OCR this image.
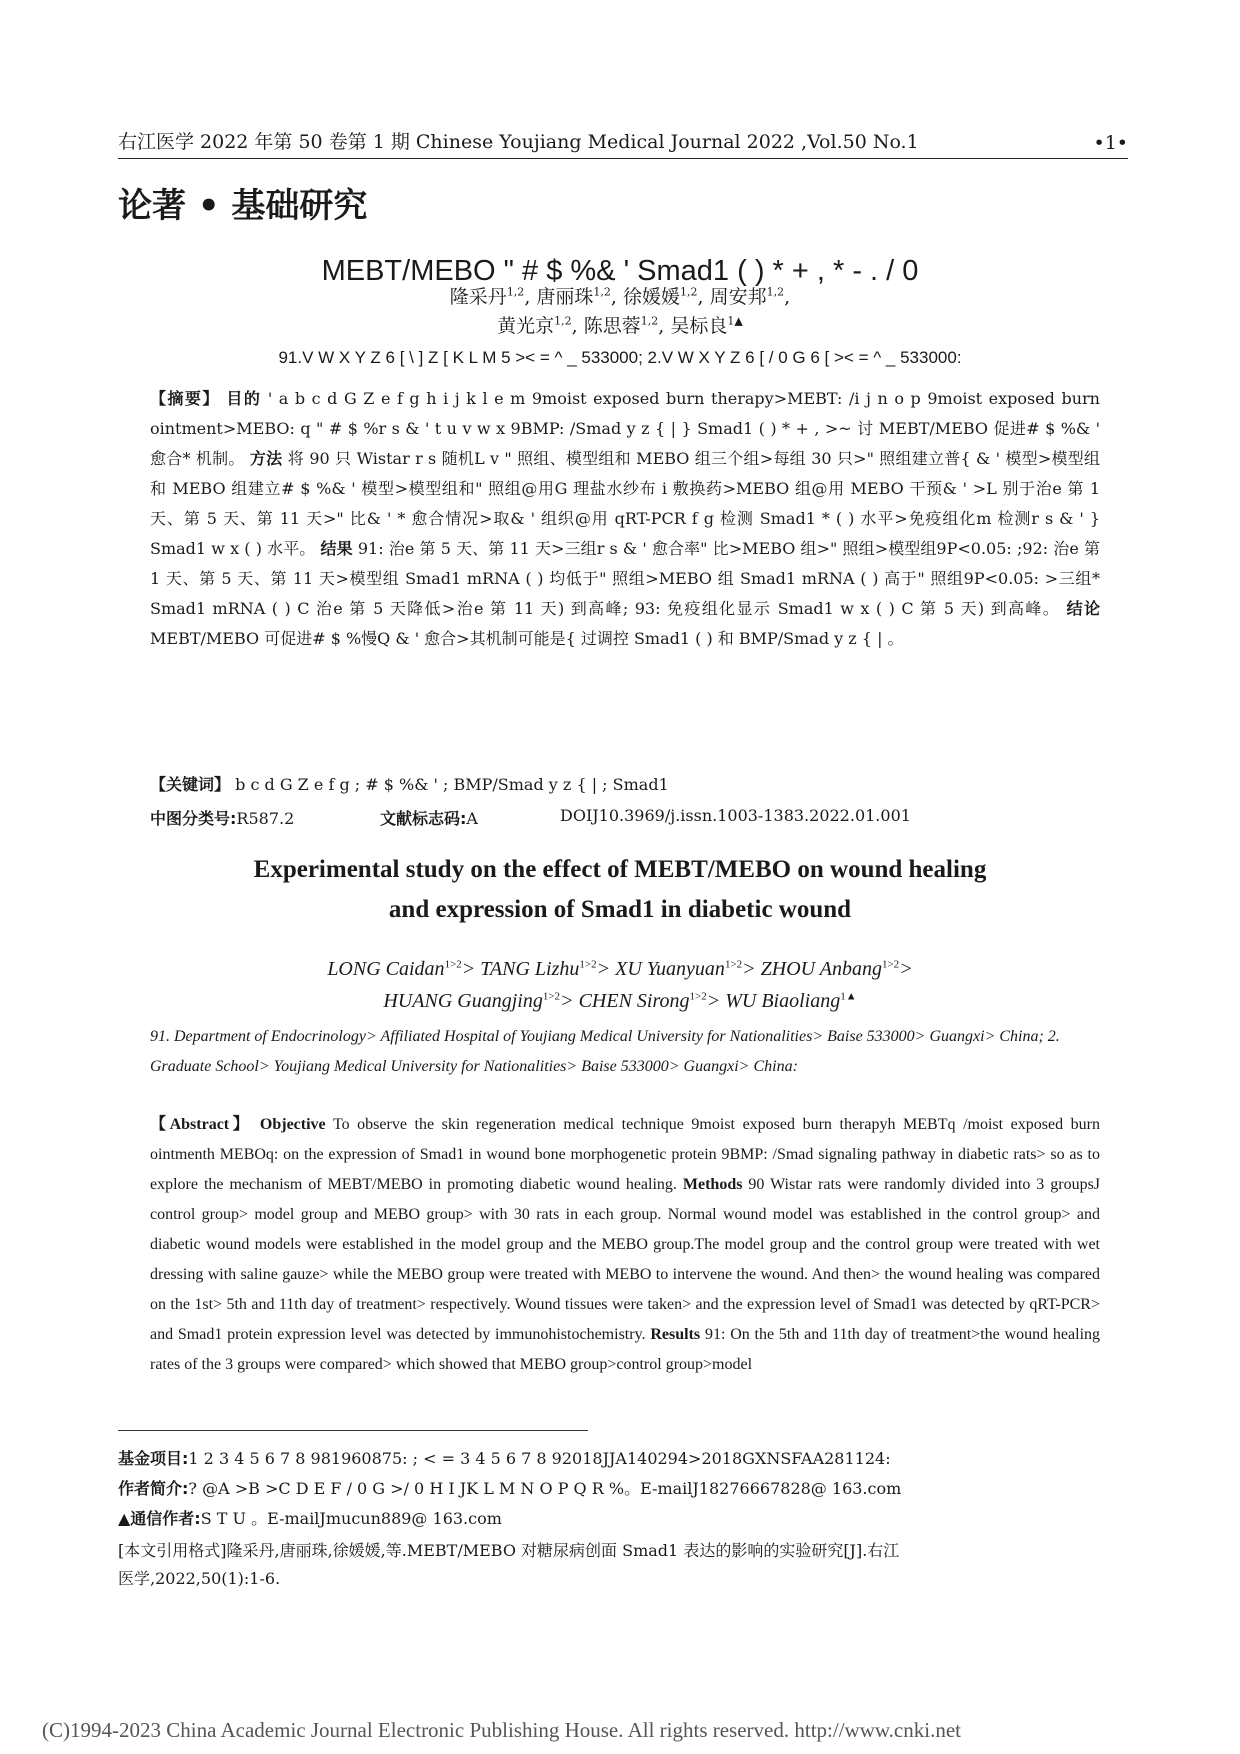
右江医学 2022 年第 50 卷第 1 期 Chinese Youjiang Medical Journal 2022 ,Vol.50 No.1	•1•
论著 • 基础研究
MEBT/MEBO " # $ %& ' Smad1 ( ) * + , * - . / 0
隆采丹$^{1,2}$, 唐丽珠$^{1,2}$, 徐媛媛$^{1,2}$, 周安邦$^{1,2}$,
黄光京$^{1,2}$, 陈思蓉$^{1,2}$, 吴标良$^{1▲}$
91.V W X Y Z 6 [ \ ] Z [ K L M 5 >< = ^ _ 533000; 2.V W X Y Z 6 [ / 0 G 6 [ >< = ^ _ 533000:
【摘要】 目的 ' a b c d G Z e f g h i j k l e m 9moist exposed burn therapy>MEBT: /i j n o p 9moist exposed burn ointment>MEBO: q " # $ %r s & ' t u v w x 9BMP: /Smad y z { | } Smad1 ( ) * + , >~ 讨 MEBT/MEBO 促进# $ %& ' 愈合* 机制。 方法 将 90 只 Wistar r s 随机L v " 照组、模型组和 MEBO 组三个组>每组 30 只>" 照组建立普{ & ' 模型>模型组和 MEBO 组建立# $ %& ' 模型>模型组和" 照组@用G 理盐水纱布 i 敷换药>MEBO 组@用 MEBO 干预& ' >L 别于治e 第 1 天、第 5 天、第 11 天>" 比& ' * 愈合情况>取& ' 组织@用 qRT-PCR f g 检测 Smad1 * ( ) 水平>免疫组化m 检测r s & ' } Smad1 w x ( ) 水平。 结果 91: 治e 第 5 天、第 11 天>三组r s & ' 愈合率" 比>MEBO 组>" 照组>模型组9P<0.05: ;92: 治e 第 1 天、第 5 天、第 11 天>模型组 Smad1 mRNA ( ) 均低于" 照组>MEBO 组 Smad1 mRNA ( ) 高于" 照组9P<0.05: >三组* Smad1 mRNA ( ) C 治e 第 5 天降低>治e 第 11 天) 到高峰; 93: 免疫组化显示 Smad1 w x ( ) C 第 5 天) 到高峰。 结论 MEBT/MEBO 可促进# $ %慢Q & ' 愈合>其机制可能是{ 过调控 Smad1 ( ) 和 BMP/Smad y z { | 。
【关键词】 b c d G Z e f g ; # $ %& ' ; BMP/Smad y z { | ; Smad1
中图分类号:R587.2	文献标志码:A	DOIJ10.3969/j.issn.1003-1383.2022.01.001
Experimental study on the effect of MEBT/MEBO on wound healing
and expression of Smad1 in diabetic wound
LONG Caidan$^{1>2}$> TANG Lizhu$^{1>2}$> XU Yuanyuan$^{1>2}$> ZHOU Anbang$^{1>2}$>
HUANG Guangjing$^{1>2}$> CHEN Sirong$^{1>2}$> WU Biaoliang$^{1▲}$
91. Department of Endocrinology> Affiliated Hospital of Youjiang Medical University for Nationalities> Baise 533000> Guangxi> China; 2. Graduate School> Youjiang Medical University for Nationalities> Baise 533000> Guangxi> China:
【Abstract】 Objective To observe the skin regeneration medical technique 9moist exposed burn therapyh MEBTq /moist exposed burn ointmenth MEBOq: on the expression of Smad1 in wound bone morphogenetic protein 9BMP: /Smad signaling pathway in diabetic rats> so as to explore the mechanism of MEBT/MEBO in promoting diabetic wound healing. Methods 90 Wistar rats were randomly divided into 3 groupsJ control group> model group and MEBO group> with 30 rats in each group. Normal wound model was established in the control group> and diabetic wound models were established in the model group and the MEBO group.The model group and the control group were treated with wet dressing with saline gauze> while the MEBO group were treated with MEBO to intervene the wound. And then> the wound healing was compared on the 1st> 5th and 11th day of treatment> respectively. Wound tissues were taken> and the expression level of Smad1 was detected by qRT-PCR> and Smad1 protein expression level was detected by immunohistochemistry. Results 91: On the 5th and 11th day of treatment>the wound healing rates of the 3 groups were compared> which showed that MEBO group>control group>model
基金项目:1 2 3 4 5 6 7 8 981960875: ; < = 3 4 5 6 7 8 92018JJA140294>2018GXNSFAA281124:
作者简介:? @A >B >C D E F / 0 G >/ 0 H I JK L M N O P Q R %。E-mailJ18276667828@ 163.com
▲通信作者:S T U 。E-mailJmucun889@ 163.com
[本文引用格式]隆采丹,唐丽珠,徐媛媛,等.MEBT/MEBO 对糖尿病创面 Smad1 表达的影响的实验研究[J].右江
医学,2022,50(1):1-6.
(C)1994-2023 China Academic Journal Electronic Publishing House. All rights reserved. http://www.cnki.net
